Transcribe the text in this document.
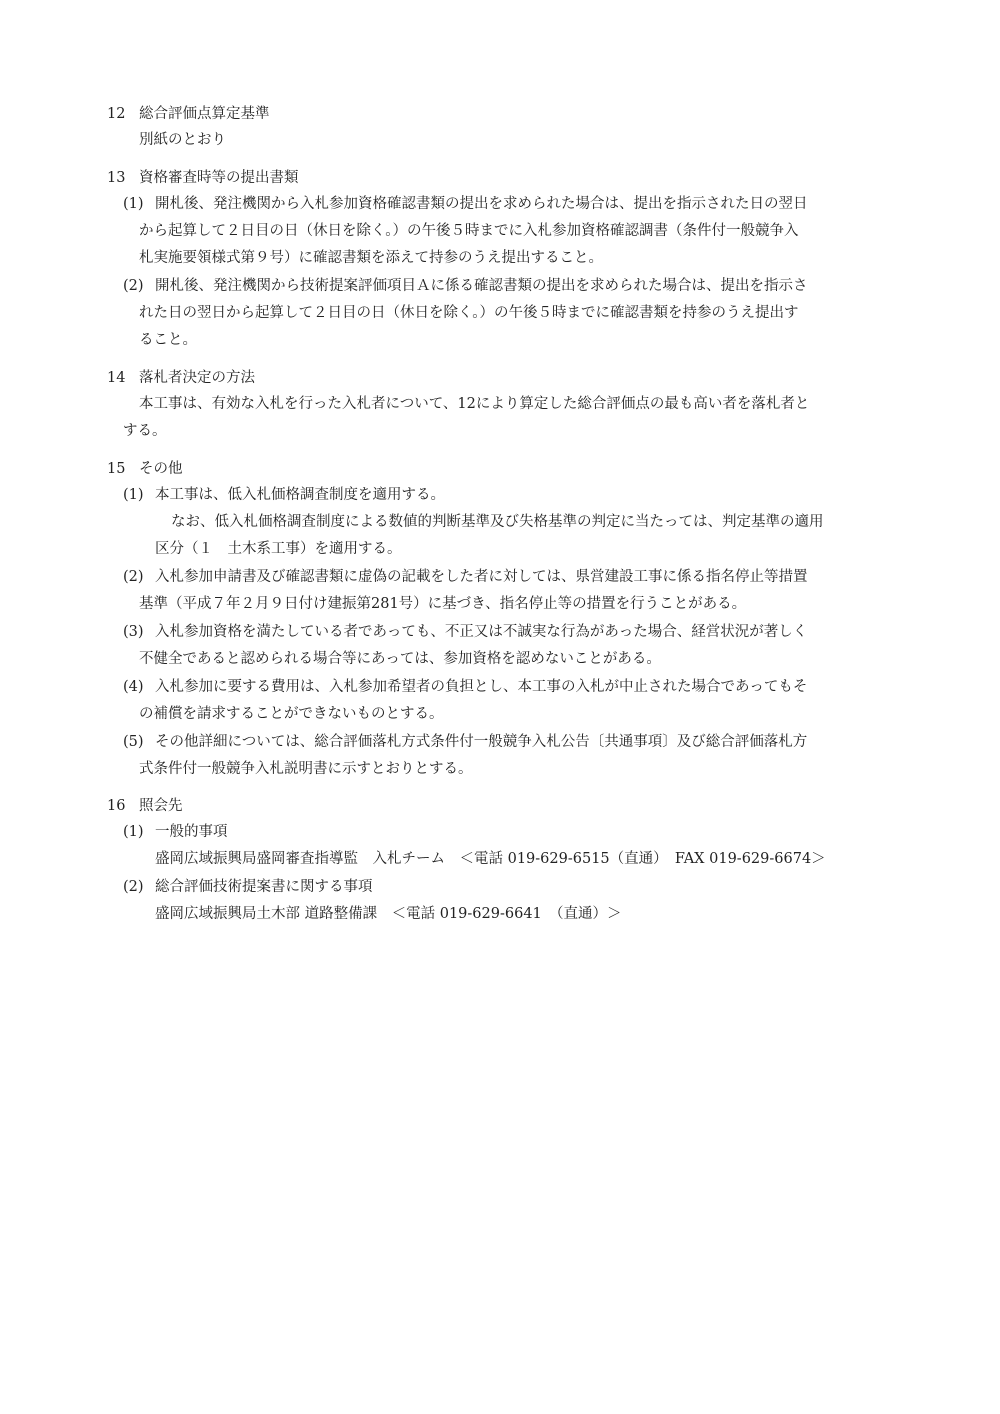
12 総合評価点算定基準
別紙のとおり
13 資格審査時等の提出書類
(1) 開札後、発注機関から入札参加資格確認書類の提出を求められた場合は、提出を指示された日の翌日
から起算して２日目の日（休日を除く。）の午後５時までに入札参加資格確認調書（条件付一般競争入
札実施要領様式第９号）に確認書類を添えて持参のうえ提出すること。
(2) 開札後、発注機関から技術提案評価項目Ａに係る確認書類の提出を求められた場合は、提出を指示さ
れた日の翌日から起算して２日目の日（休日を除く。）の午後５時までに確認書類を持参のうえ提出す
ること。
14 落札者決定の方法
本工事は、有効な入札を行った入札者について、12により算定した総合評価点の最も高い者を落札者と
する。
15 その他
(1) 本工事は、低入札価格調査制度を適用する。
なお、低入札価格調査制度による数値的判断基準及び失格基準の判定に当たっては、判定基準の適用
区分（１　土木系工事）を適用する。
(2) 入札参加申請書及び確認書類に虚偽の記載をした者に対しては、県営建設工事に係る指名停止等措置
基準（平成７年２月９日付け建振第281号）に基づき、指名停止等の措置を行うことがある。
(3) 入札参加資格を満たしている者であっても、不正又は不誠実な行為があった場合、経営状況が著しく
不健全であると認められる場合等にあっては、参加資格を認めないことがある。
(4) 入札参加に要する費用は、入札参加希望者の負担とし、本工事の入札が中止された場合であってもそ
の補償を請求することができないものとする。
(5) その他詳細については、総合評価落札方式条件付一般競争入札公告〔共通事項〕及び総合評価落札方
式条件付一般競争入札説明書に示すとおりとする。
16 照会先
(1) 一般的事項
盛岡広域振興局盛岡審査指導監　入札チーム　＜電話 019-629-6515（直通）　FAX 019-629-6674＞
(2) 総合評価技術提案書に関する事項
盛岡広域振興局土木部 道路整備課　＜電話 019-629-6641　（直通）＞
